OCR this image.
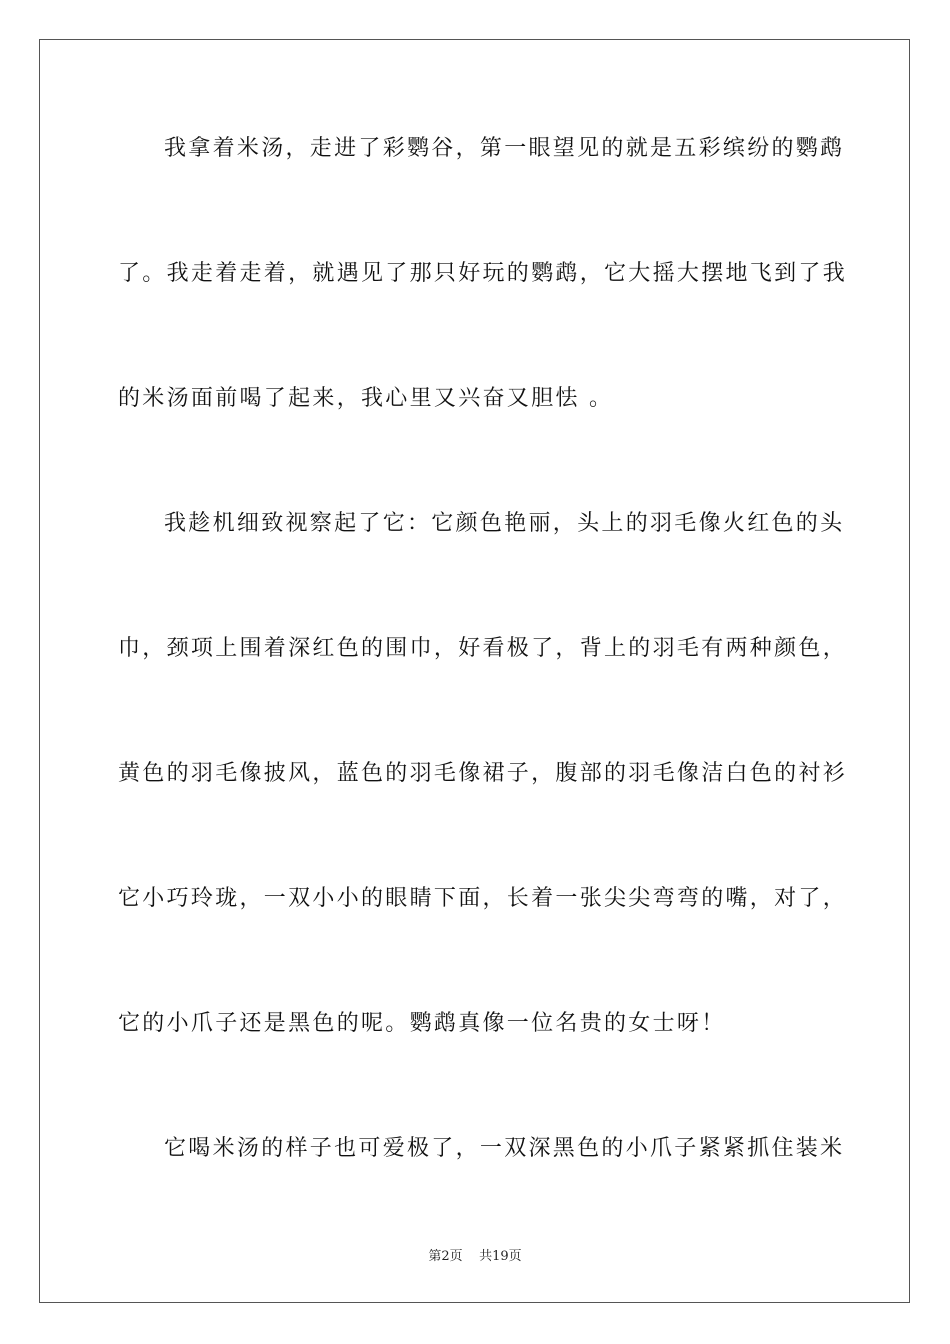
我拿着米汤，走进了彩鹦谷，第一眼望见的就是五彩缤纷的鹦鹉
了。我走着走着，就遇见了那只好玩的鹦鹉，它大摇大摆地飞到了我
的米汤面前喝了起来，我心里又兴奋又胆怯 。
我趁机细致视察起了它：它颜色艳丽，头上的羽毛像火红色的头
巾，颈项上围着深红色的围巾，好看极了，背上的羽毛有两种颜色，
黄色的羽毛像披风，蓝色的羽毛像裙子，腹部的羽毛像洁白色的衬衫
它小巧玲珑，一双小小的眼睛下面，长着一张尖尖弯弯的嘴，对了，
它的小爪子还是黑色的呢。鹦鹉真像一位名贵的女士呀！
它喝米汤的样子也可爱极了，一双深黑色的小爪子紧紧抓住装米
第2页 共19页
